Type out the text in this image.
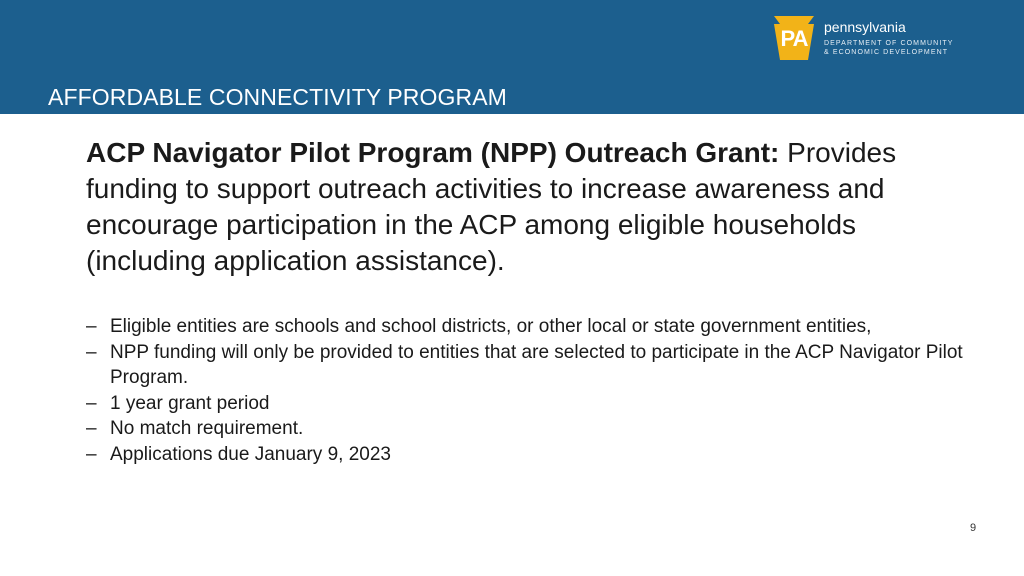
AFFORDABLE CONNECTIVITY PROGRAM
PA	pennsylvania
DEPARTMENT OF COMMUNITY
& ECONOMIC DEVELOPMENT

ACP Navigator Pilot Program (NPP) Outreach Grant: Provides funding to support outreach activities to increase awareness and encourage participation in the ACP among eligible households (including application assistance).

– Eligible entities are schools and school districts, or other local or state government entities,
– NPP funding will only be provided to entities that are selected to participate in the ACP Navigator Pilot Program.
– 1 year grant period
– No match requirement.
– Applications due January 9, 2023
9
